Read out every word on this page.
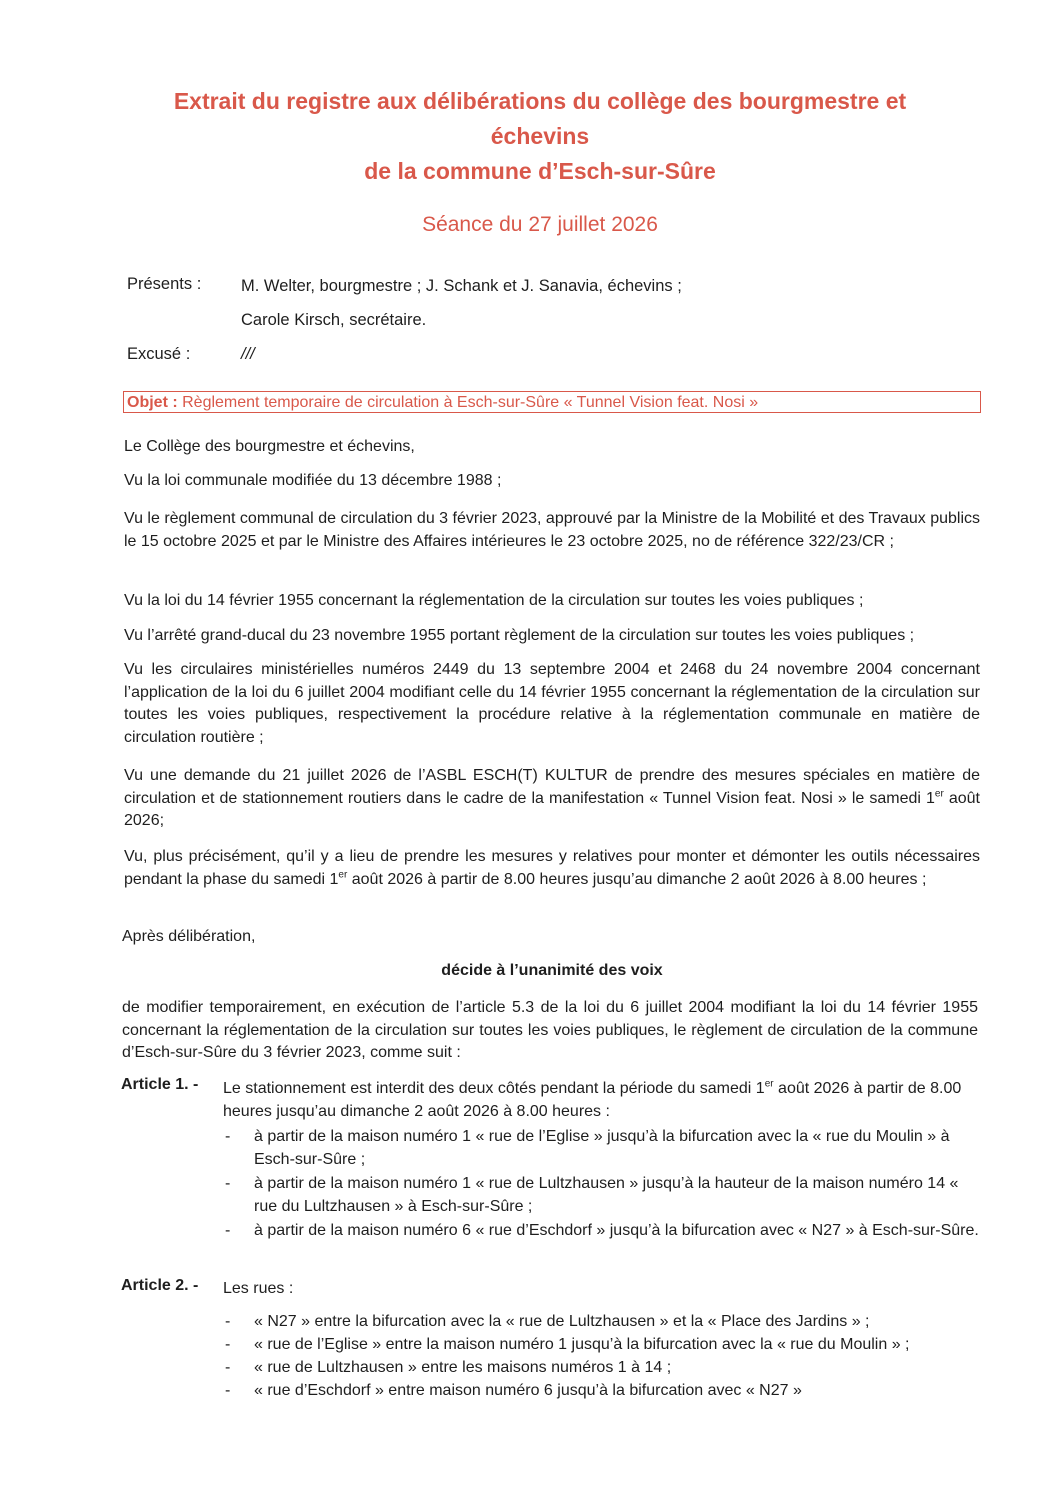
Extrait du registre aux délibérations du collège des bourgmestre et
échevins
de la commune d’Esch-sur-Sûre
Séance du 27 juillet 2026
Présents : M. Welter, bourgmestre ; J. Schank et J. Sanavia, échevins ;
Carole Kirsch, secrétaire.
Excusé :	///
Objet : Règlement temporaire de circulation à Esch-sur-Sûre « Tunnel Vision feat. Nosi »
Le Collège des bourgmestre et échevins,
Vu la loi communale modifiée du 13 décembre 1988 ;
Vu le règlement communal de circulation du 3 février 2023, approuvé par la Ministre de la Mobilité et des Travaux publics le 15 octobre 2025 et par le Ministre des Affaires intérieures le 23 octobre 2025, no de référence 322/23/CR ;
Vu la loi du 14 février 1955 concernant la réglementation de la circulation sur toutes les voies publiques ;
Vu l’arrêté grand-ducal du 23 novembre 1955 portant règlement de la circulation sur toutes les voies publiques ;
Vu les circulaires ministérielles numéros 2449 du 13 septembre 2004 et 2468 du 24 novembre 2004 concernant l’application de la loi du 6 juillet 2004 modifiant celle du 14 février 1955 concernant la réglementation de la circulation sur toutes les voies publiques, respectivement la procédure relative à la réglementation communale en matière de circulation routière ;
Vu une demande du 21 juillet 2026 de l’ASBL ESCH(T) KULTUR de prendre des mesures spéciales en matière de circulation et de stationnement routiers dans le cadre de la manifestation « Tunnel Vision feat. Nosi » le samedi 1er août 2026;
Vu, plus précisément, qu’il y a lieu de prendre les mesures y relatives pour monter et démonter les outils nécessaires pendant la phase du samedi 1er août 2026 à partir de 8.00 heures jusqu’au dimanche 2 août 2026 à 8.00 heures ;
Après délibération,
décide à l’unanimité des voix
de modifier temporairement, en exécution de l’article 5.3 de la loi du 6 juillet 2004 modifiant la loi du 14 février 1955 concernant la réglementation de la circulation sur toutes les voies publiques, le règlement de circulation de la commune d’Esch-sur-Sûre du 3 février 2023, comme suit :
Article 1. - Le stationnement est interdit des deux côtés pendant la période du samedi 1er août 2026 à partir de 8.00 heures jusqu’au dimanche 2 août 2026 à 8.00 heures :
- à partir de la maison numéro 1 « rue de l’Eglise » jusqu’à la bifurcation avec la « rue du Moulin » à Esch-sur-Sûre ;
- à partir de la maison numéro 1 « rue de Lultzhausen » jusqu’à la hauteur de la maison numéro 14 « rue du Lultzhausen » à Esch-sur-Sûre ;
- à partir de la maison numéro 6 « rue d’Eschdorf » jusqu’à la bifurcation avec « N27 » à Esch-sur-Sûre.
Article 2. - Les rues :
- « N27 » entre la bifurcation avec la « rue de Lultzhausen » et la « Place des Jardins » ;
- « rue de l’Eglise » entre la maison numéro 1 jusqu’à la bifurcation avec la « rue du Moulin » ;
- « rue de Lultzhausen » entre les maisons numéros 1 à 14 ;
- « rue d’Eschdorf » entre maison numéro 6 jusqu’à la bifurcation avec « N27 »
